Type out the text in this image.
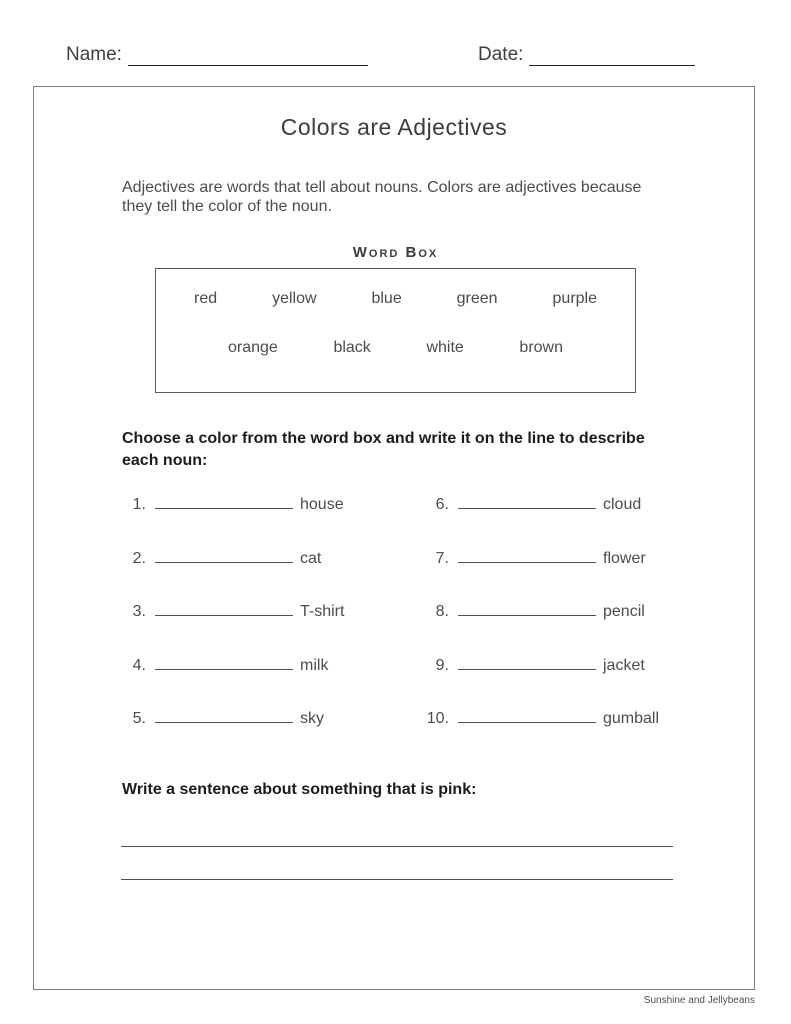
Name:	Date:
Colors are Adjectives
Adjectives are words that tell about nouns. Colors are adjectives because
they tell the color of the noun.
Word Box
red	yellow	blue	green	purple
orange	black	white	brown
Choose a color from the word box and write it on the line to describe
each noun:
1.	house
2.	cat
3.	T-shirt
4.	milk
5.	sky
6.	cloud
7.	flower
8.	pencil
9.	jacket
10.	gumball
Write a sentence about something that is pink:
Sunshine and Jellybeans
